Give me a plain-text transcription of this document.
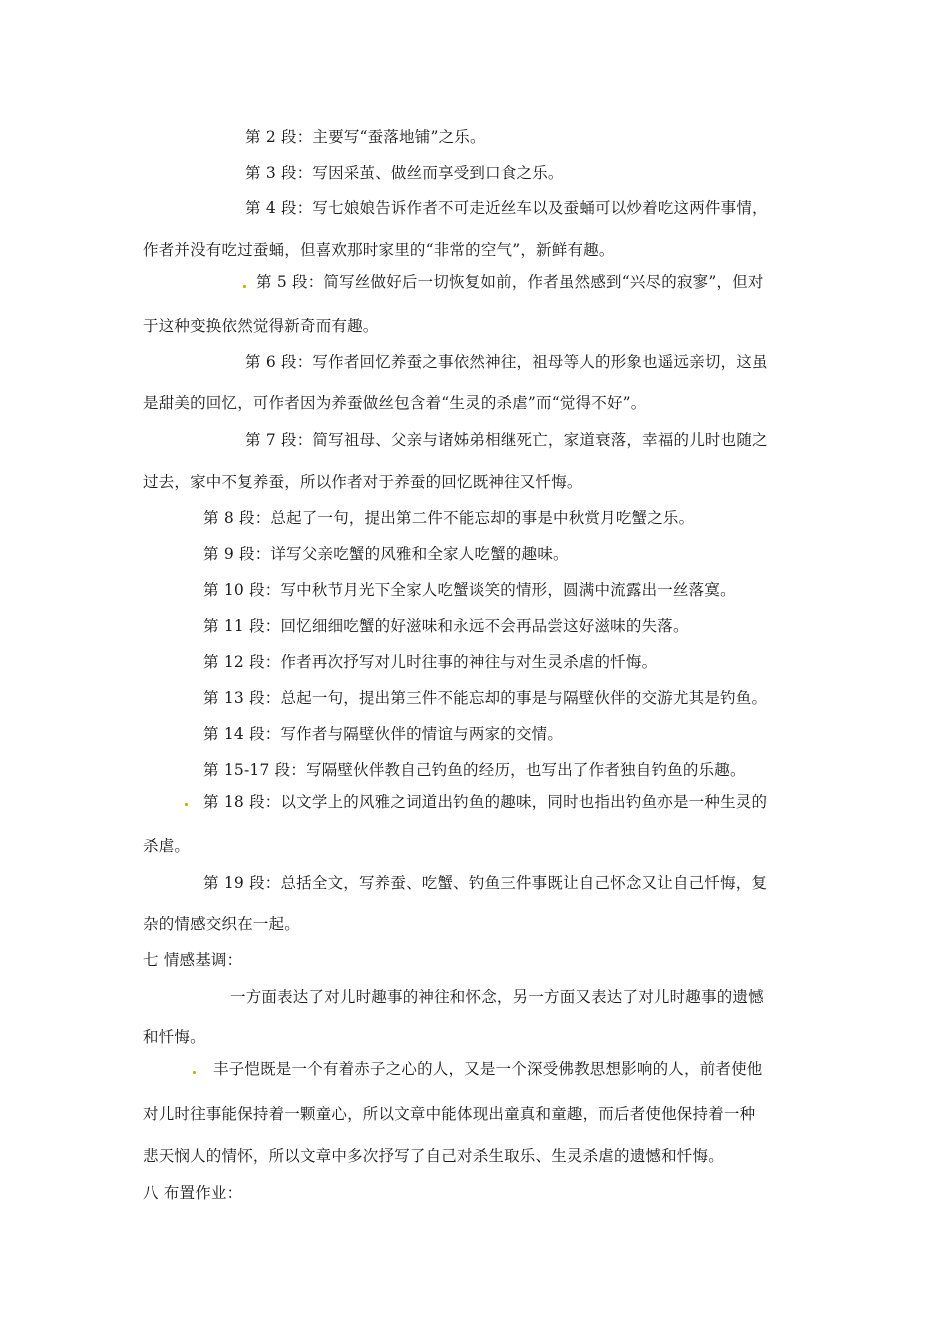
第 2 段：主要写“蚕落地铺”之乐。
第 3 段：写因采茧、做丝而享受到口食之乐。
第 4 段：写七娘娘告诉作者不可走近丝车以及蚕蛹可以炒着吃这两件事情，
作者并没有吃过蚕蛹，但喜欢那时家里的“非常的空气”，新鲜有趣。
第 5 段：简写丝做好后一切恢复如前，作者虽然感到“兴尽的寂寥”，但对
于这种变换依然觉得新奇而有趣。
第 6 段：写作者回忆养蚕之事依然神往，祖母等人的形象也遥远亲切，这虽
是甜美的回忆，可作者因为养蚕做丝包含着“生灵的杀虐”而“觉得不好”。
第 7 段：简写祖母、父亲与诸姊弟相继死亡，家道衰落，幸福的儿时也随之
过去，家中不复养蚕，所以作者对于养蚕的回忆既神往又忏悔。
第 8 段：总起了一句，提出第二件不能忘却的事是中秋赏月吃蟹之乐。
第 9 段：详写父亲吃蟹的风雅和全家人吃蟹的趣味。
第 10 段：写中秋节月光下全家人吃蟹谈笑的情形，圆满中流露出一丝落寞。
第 11 段：回忆细细吃蟹的好滋味和永远不会再品尝这好滋味的失落。
第 12 段：作者再次抒写对儿时往事的神往与对生灵杀虐的忏悔。
第 13 段：总起一句，提出第三件不能忘却的事是与隔壁伙伴的交游尤其是钓鱼。
第 14 段：写作者与隔壁伙伴的情谊与两家的交情。
第 15-17 段：写隔壁伙伴教自己钓鱼的经历，也写出了作者独自钓鱼的乐趣。
第 18 段：以文学上的风雅之词道出钓鱼的趣味，同时也指出钓鱼亦是一种生灵的
杀虐。
第 19 段：总括全文，写养蚕、吃蟹、钓鱼三件事既让自己怀念又让自己忏悔，复
杂的情感交织在一起。
七 情感基调：
一方面表达了对儿时趣事的神往和怀念，另一方面又表达了对儿时趣事的遗憾
和忏悔。
丰子恺既是一个有着赤子之心的人，又是一个深受佛教思想影响的人，前者使他
对儿时往事能保持着一颗童心，所以文章中能体现出童真和童趣，而后者使他保持着一种
悲天悯人的情怀，所以文章中多次抒写了自己对杀生取乐、生灵杀虐的遗憾和忏悔。
八 布置作业：
